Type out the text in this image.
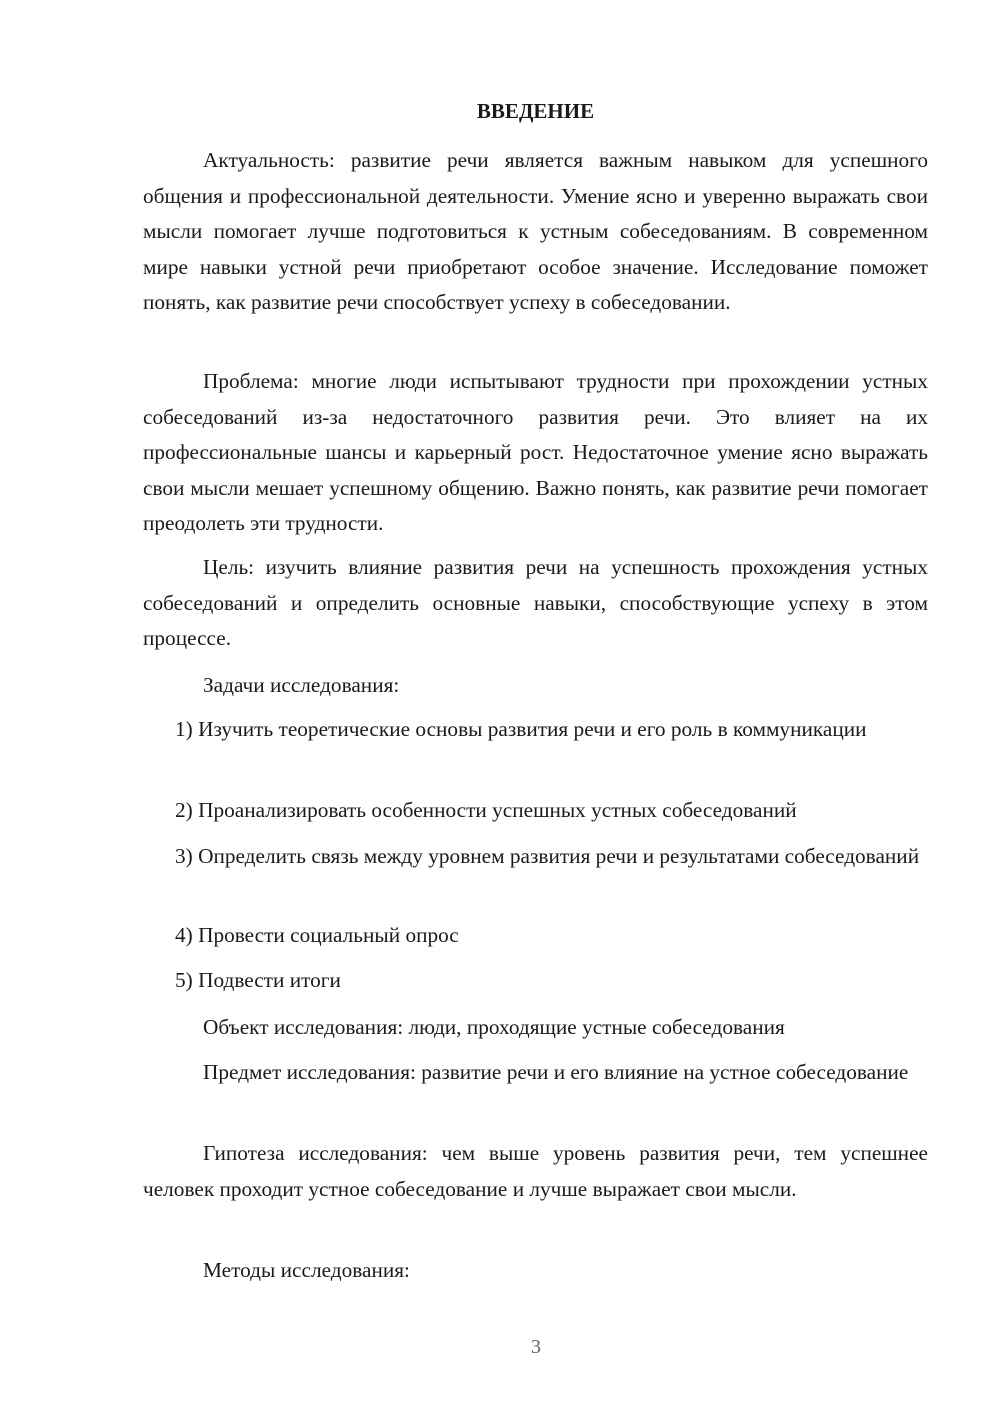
ВВЕДЕНИЕ

Актуальность: развитие речи является важным навыком для успешного общения и профессиональной деятельности. Умение ясно и уверенно выражать свои мысли помогает лучше подготовиться к устным собеседованиям. В современном мире навыки устной речи приобретают особое значение. Исследование поможет понять, как развитие речи способствует успеху в собеседовании.

Проблема: многие люди испытывают трудности при прохождении устных собеседований из-за недостаточного развития речи. Это влияет на их профессиональные шансы и карьерный рост. Недостаточное умение ясно выражать свои мысли мешает успешному общению. Важно понять, как развитие речи помогает преодолеть эти трудности.

Цель: изучить влияние развития речи на успешность прохождения устных собеседований и определить основные навыки, способствующие успеху в этом процессе.

Задачи исследования:

1) Изучить теоретические основы развития речи и его роль в коммуникации

2) Проанализировать особенности успешных устных собеседований

3) Определить связь между уровнем развития речи и результатами собеседований

4) Провести социальный опрос

5) Подвести итоги

Объект исследования: люди, проходящие устные собеседования

Предмет исследования: развитие речи и его влияние на устное собеседование

Гипотеза исследования: чем выше уровень развития речи, тем успешнее человек проходит устное собеседование и лучше выражает свои мысли.

Методы исследования:

3
